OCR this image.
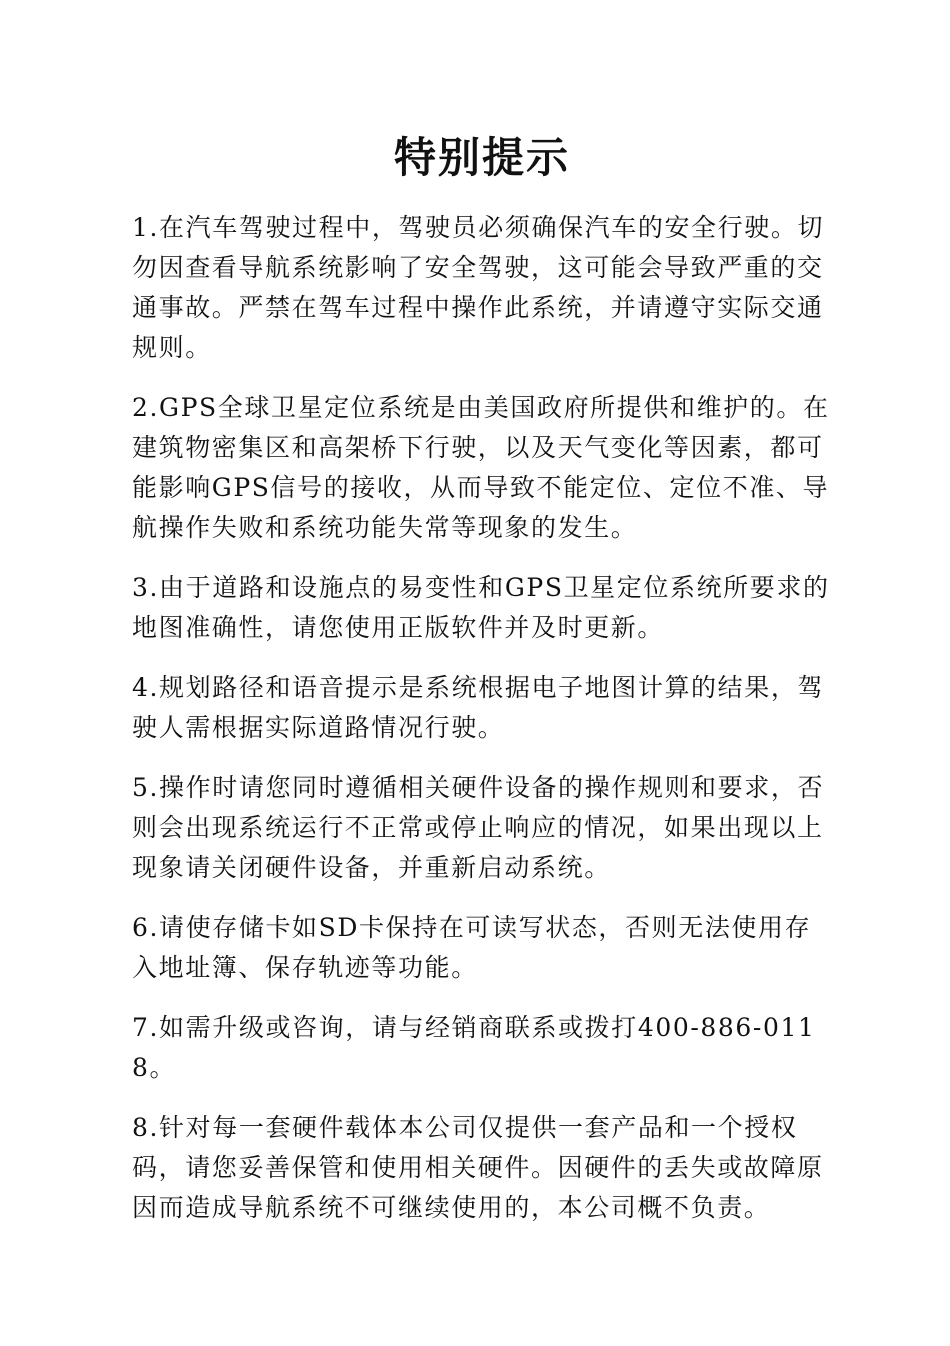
特别提示
1.在汽车驾驶过程中，驾驶员必须确保汽车的安全行驶。切勿因查看导航系统影响了安全驾驶，这可能会导致严重的交通事故。严禁在驾车过程中操作此系统，并请遵守实际交通规则。
2.GPS全球卫星定位系统是由美国政府所提供和维护的。在建筑物密集区和高架桥下行驶，以及天气变化等因素，都可能影响GPS信号的接收，从而导致不能定位、定位不准、导航操作失败和系统功能失常等现象的发生。
3.由于道路和设施点的易变性和GPS卫星定位系统所要求的地图准确性，请您使用正版软件并及时更新。
4.规划路径和语音提示是系统根据电子地图计算的结果，驾驶人需根据实际道路情况行驶。
5.操作时请您同时遵循相关硬件设备的操作规则和要求，否则会出现系统运行不正常或停止响应的情况，如果出现以上现象请关闭硬件设备，并重新启动系统。
6.请使存储卡如SD卡保持在可读写状态，否则无法使用存入地址簿、保存轨迹等功能。
7.如需升级或咨询，请与经销商联系或拨打400-886-0118。
8.针对每一套硬件载体本公司仅提供一套产品和一个授权码，请您妥善保管和使用相关硬件。因硬件的丢失或故障原因而造成导航系统不可继续使用的，本公司概不负责。
